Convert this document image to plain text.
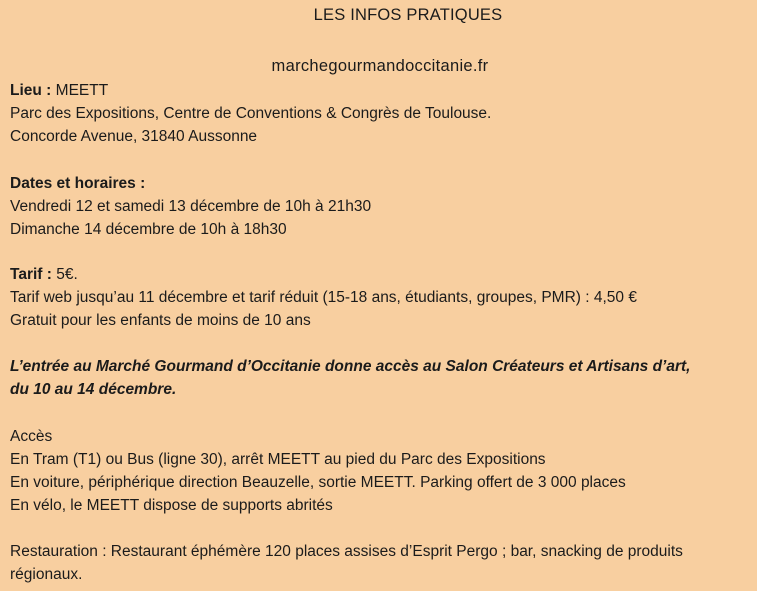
LES INFOS PRATIQUES
marchegourmandoccitanie.fr
Lieu : MEETT
Parc des Expositions, Centre de Conventions & Congrès de Toulouse.
Concorde Avenue, 31840 Aussonne
Dates et horaires :
Vendredi 12 et samedi 13 décembre de 10h à 21h30
Dimanche 14 décembre de 10h à 18h30
Tarif : 5€.
Tarif web jusqu’au 11 décembre et tarif réduit (15-18 ans, étudiants, groupes, PMR) : 4,50 €
Gratuit pour les enfants de moins de 10 ans
L’entrée au Marché Gourmand d’Occitanie donne accès au Salon Créateurs et Artisans d’art,
du 10 au 14 décembre.
Accès
En Tram (T1) ou Bus (ligne 30), arrêt MEETT au pied du Parc des Expositions
En voiture, périphérique direction Beauzelle, sortie MEETT. Parking offert de 3 000 places
En vélo, le MEETT dispose de supports abrités
Restauration : Restaurant éphémère 120 places assises d’Esprit Pergo ; bar, snacking de produits régionaux.
